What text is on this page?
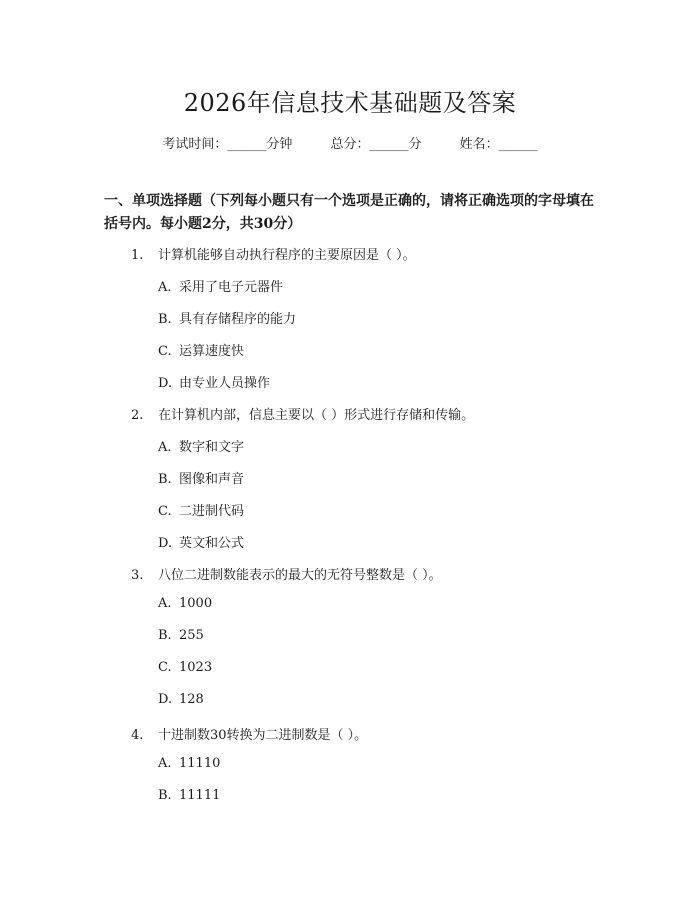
2026年信息技术基础题及答案
考试时间：______分钟	总分：______分	姓名：______
一、单项选择题（下列每小题只有一个选项是正确的，请将正确选项的字母填在括号内。每小题2分，共30分）
1. 计算机能够自动执行程序的主要原因是（ ）。
A. 采用了电子元器件
B. 具有存储程序的能力
C. 运算速度快
D. 由专业人员操作
2. 在计算机内部，信息主要以（ ）形式进行存储和传输。
A. 数字和文字
B. 图像和声音
C. 二进制代码
D. 英文和公式
3. 八位二进制数能表示的最大的无符号整数是（ ）。
A. 1000
B. 255
C. 1023
D. 128
4. 十进制数30转换为二进制数是（ ）。
A. 11110
B. 11111
